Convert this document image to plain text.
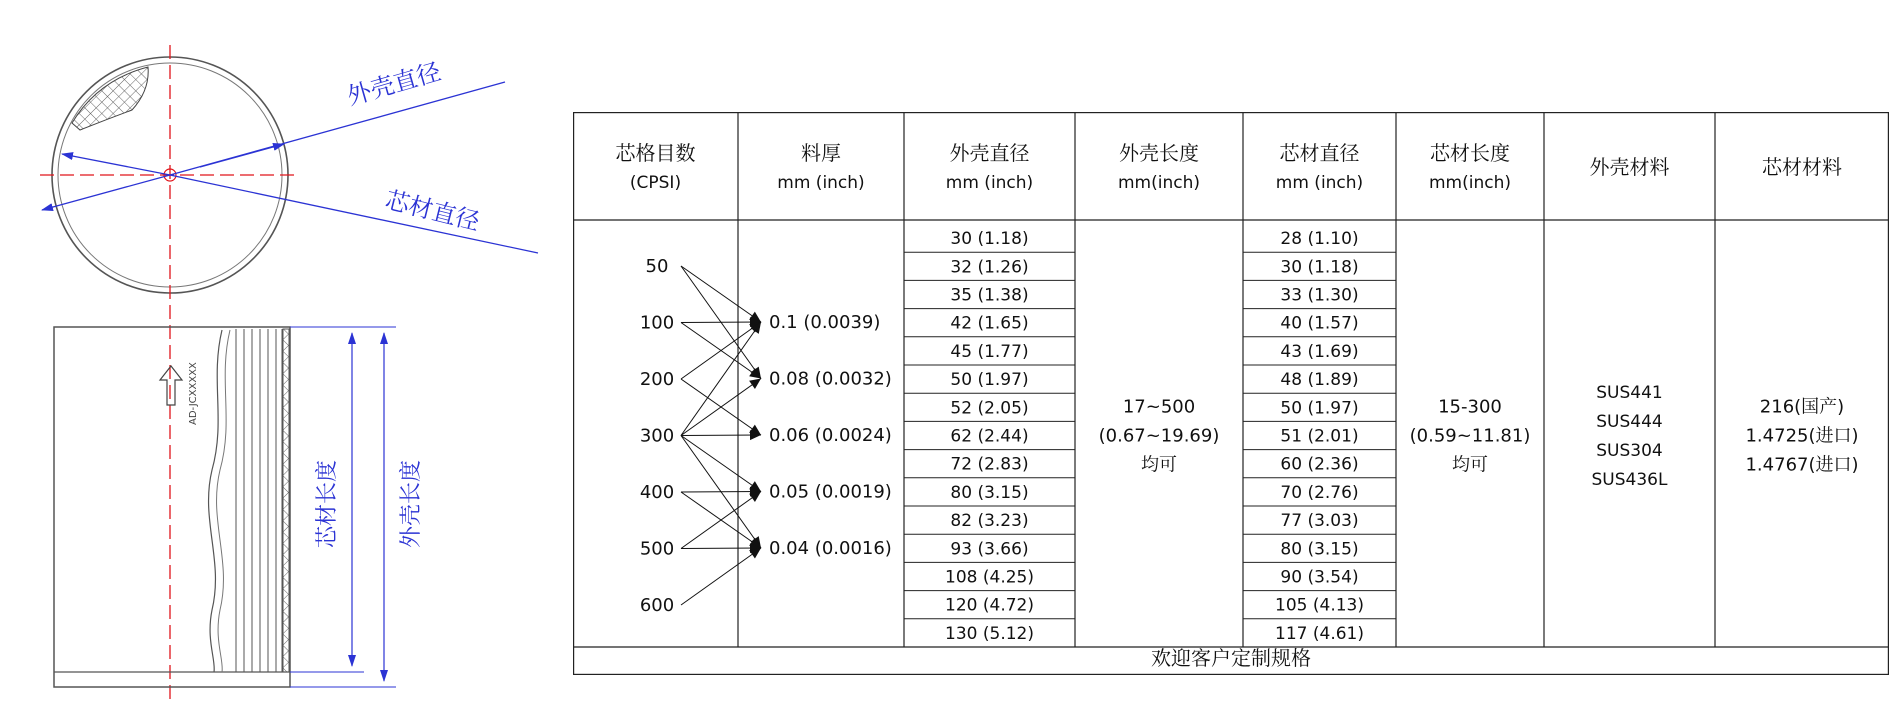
外壳直径
芯材直径
AD-JCXXXXX
芯材长度	外壳长度
芯格目数
(CPSI)
料厚
mm (inch)
外壳直径
mm (inch)
外壳长度
mm(inch)
芯材直径
mm (inch)
芯材长度
mm(inch)
外壳材料	芯材材料
50
100
200
300
400
500
600
0.1 (0.0039)
0.08 (0.0032)
0.06 (0.0024)
0.05 (0.0019)
0.04 (0.0016)
30 (1.18)
32 (1.26)
35 (1.38)
42 (1.65)
45 (1.77)
50 (1.97)
52 (2.05)
62 (2.44)
72 (2.83)
80 (3.15)
82 (3.23)
93 (3.66)
108 (4.25)
120 (4.72)
130 (5.12)
28 (1.10)
30 (1.18)
33 (1.30)
40 (1.57)
43 (1.69)
48 (1.89)
50 (1.97)
51 (2.01)
60 (2.36)
70 (2.76)
77 (3.03)
80 (3.15)
90 (3.54)
105 (4.13)
117 (4.61)
17~500
(0.67~19.69)
均可
15-300
(0.59~11.81)
均可
SUS441
SUS444
SUS304
SUS436L
216(国产)
1.4725(进口)
1.4767(进口)
欢迎客户定制规格
